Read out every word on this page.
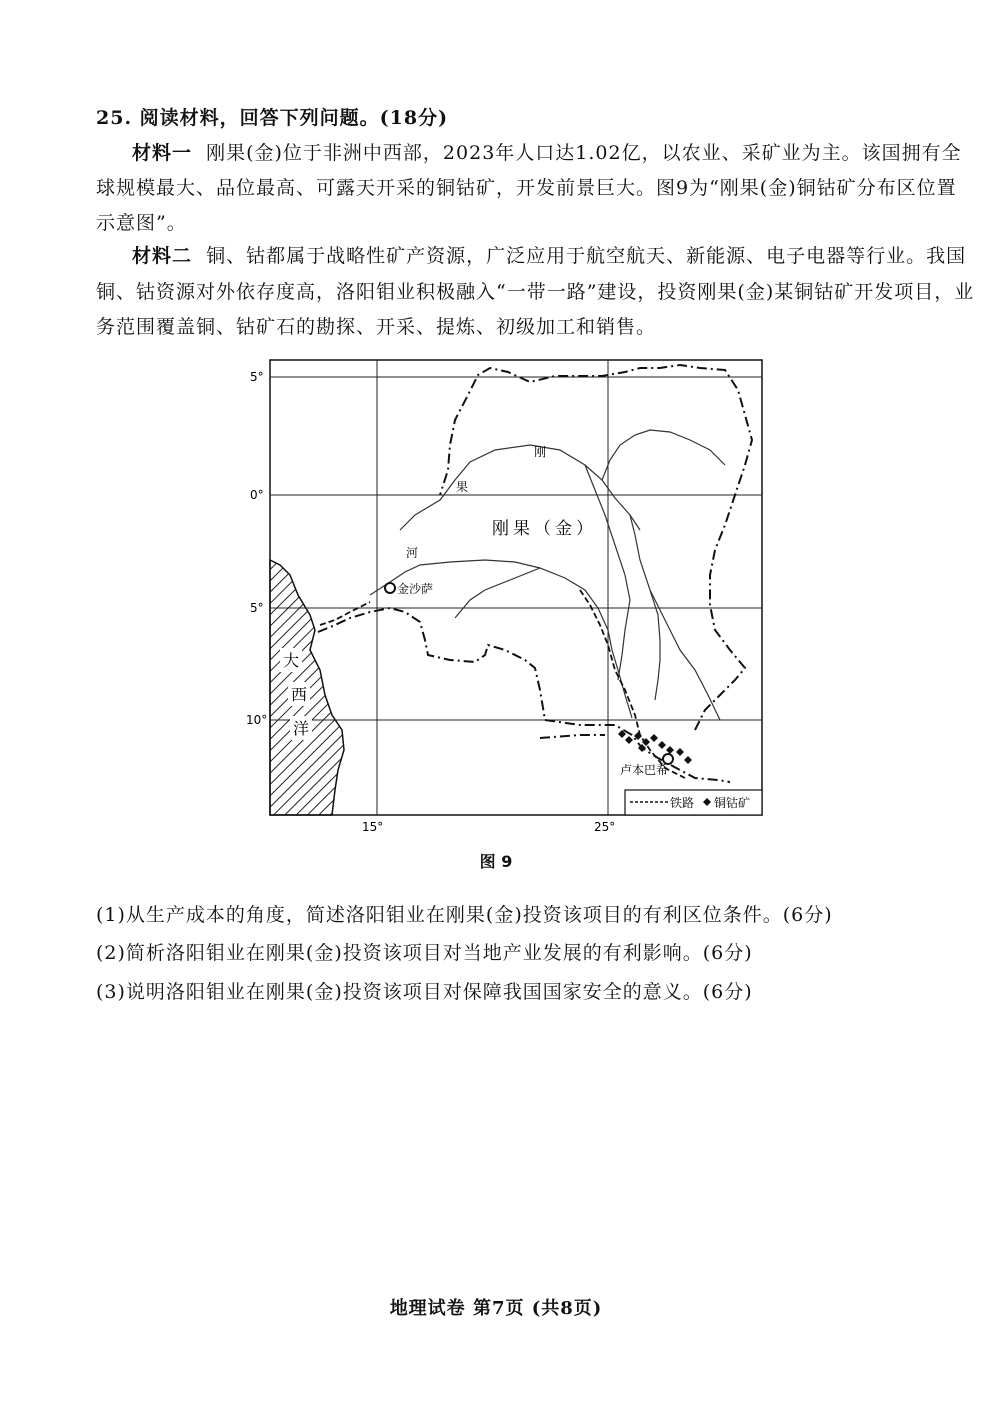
25. 阅读材料，回答下列问题。(18分)
材料一 刚果(金)位于非洲中西部，2023年人口达1.02亿，以农业、采矿业为主。该国拥有全
球规模最大、品位最高、可露天开采的铜钴矿，开发前景巨大。图9为“刚果(金)铜钴矿分布区位置
示意图”。
材料二 铜、钴都属于战略性矿产资源，广泛应用于航空航天、新能源、电子电器等行业。我国
铜、钴资源对外依存度高，洛阳钼业积极融入“一带一路”建设，投资刚果(金)某铜钴矿开发项目，业
务范围覆盖铜、钴矿石的勘探、开采、提炼、初级加工和销售。
金沙萨
卢本巴希
5°
0°
5°
10°
15°	25°
刚果（金）
刚
果
河
大
西
洋
铁路 铜钴矿
图 9
(1)从生产成本的角度，简述洛阳钼业在刚果(金)投资该项目的有利区位条件。(6分)
(2)简析洛阳钼业在刚果(金)投资该项目对当地产业发展的有利影响。(6分)
(3)说明洛阳钼业在刚果(金)投资该项目对保障我国国家安全的意义。(6分)
地理试卷 第7页 (共8页)
